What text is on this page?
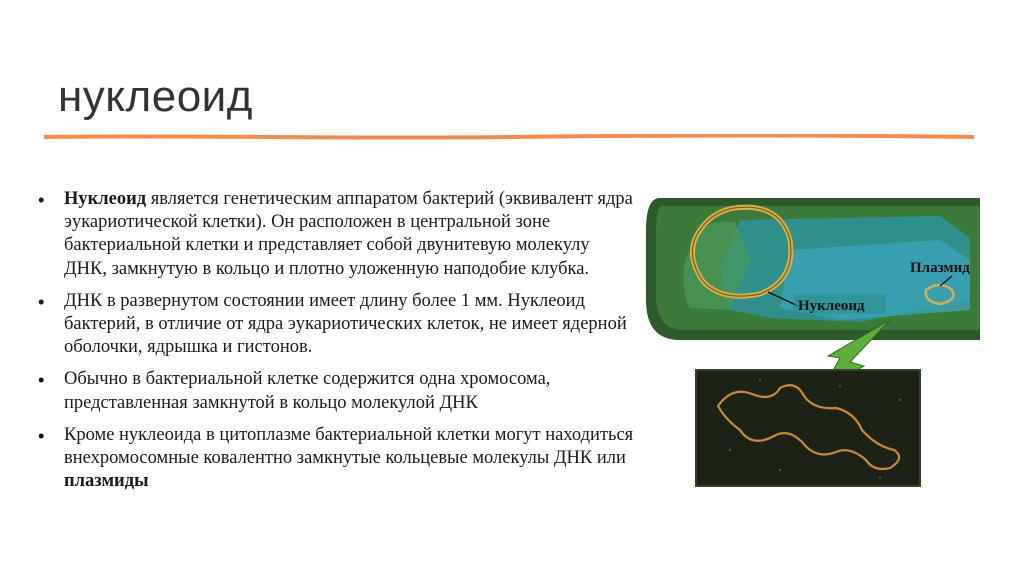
нуклеоид
• Нуклеоид является генетическим аппаратом бактерий (эквивалент ядра эукариотической клетки). Он расположен в центральной зоне бактериальной клетки и представляет собой двунитевую молекулу ДНК, замкнутую в кольцо и плотно уложенную наподобие клубка.
• ДНК в развернутом состоянии имеет длину более 1 мм. Нуклеоид бактерий, в отличие от ядра эукариотических клеток, не имеет ядерной оболочки, ядрышка и гистонов.
• Обычно в бактериальной клетке содержится одна хромосома, представленная замкнутой в кольцо молекулой ДНК
• Кроме нуклеоида в цитоплазме бактериальной клетки могут находиться внехромосомные ковалентно замкнутые кольцевые молекулы ДНК или плазмиды
Нуклеоид
Плазмид
